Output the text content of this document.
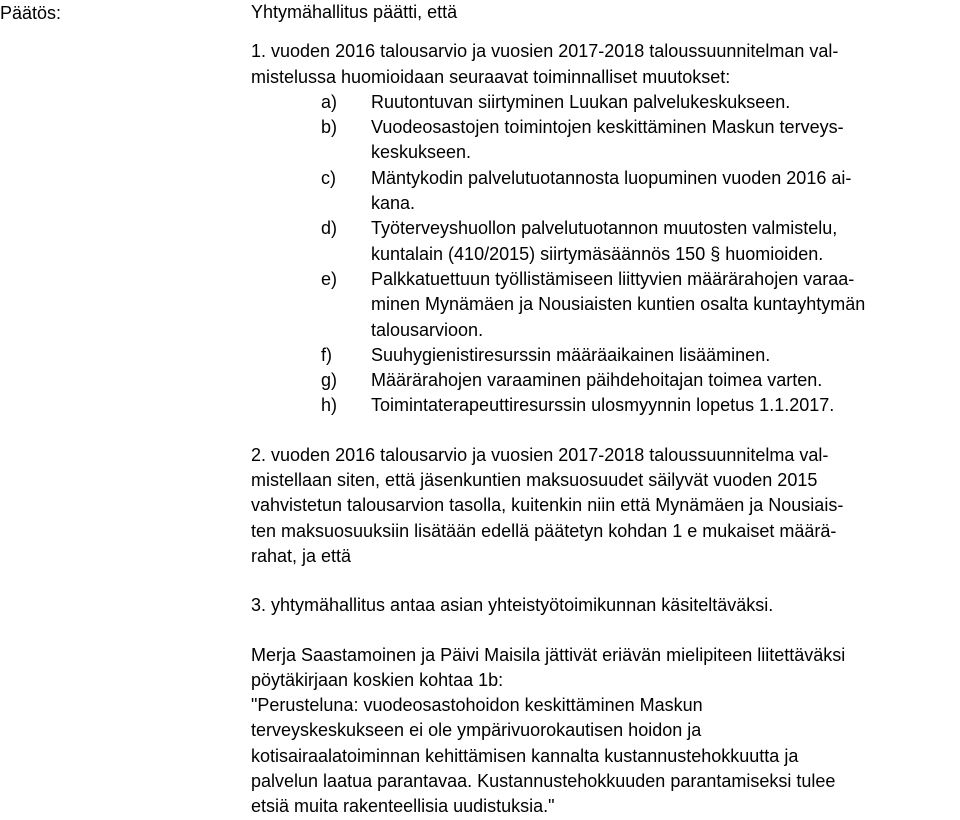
Päätös:	Yhtymähallitus päätti, että
1. vuoden 2016 talousarvio ja vuosien 2017-2018 taloussuunnitelman val-
mistelussa huomioidaan seuraavat toiminnalliset muutokset:
a) Ruutontuvan siirtyminen Luukan palvelukeskukseen.
b) Vuodeosastojen toimintojen keskittäminen Maskun terveys-
keskukseen.
c) Mäntykodin palvelutuotannosta luopuminen vuoden 2016 ai-
kana.
d) Työterveyshuollon palvelutuotannon muutosten valmistelu,
kuntalain (410/2015) siirtymäsäännös 150 § huomioiden.
e) Palkkatuettuun työllistämiseen liittyvien määrärahojen varaa-
minen Mynämäen ja Nousiaisten kuntien osalta kuntayhtymän
talousarvioon.
f) Suuhygienistiresurssin määräaikainen lisääminen.
g) Määrärahojen varaaminen päihdehoitajan toimea varten.
h) Toimintaterapeuttiresurssin ulosmyynnin lopetus 1.1.2017.
2. vuoden 2016 talousarvio ja vuosien 2017-2018 taloussuunnitelma val-
mistellaan siten, että jäsenkuntien maksuosuudet säilyvät vuoden 2015
vahvistetun talousarvion tasolla, kuitenkin niin että Mynämäen ja Nousiais-
ten maksuosuuksiin lisätään edellä päätetyn kohdan 1 e mukaiset määrä-
rahat, ja että
3. yhtymähallitus antaa asian yhteistyötoimikunnan käsiteltäväksi.
Merja Saastamoinen ja Päivi Maisila jättivät eriävän mielipiteen liitettäväksi
pöytäkirjaan koskien kohtaa 1b:
"Perusteluna: vuodeosastohoidon keskittäminen Maskun
terveyskeskukseen ei ole ympärivuorokautisen hoidon ja
kotisairaalatoiminnan kehittämisen kannalta kustannustehokkuutta ja
palvelun laatua parantavaa. Kustannustehokkuuden parantamiseksi tulee
etsiä muita rakenteellisia uudistuksia."
